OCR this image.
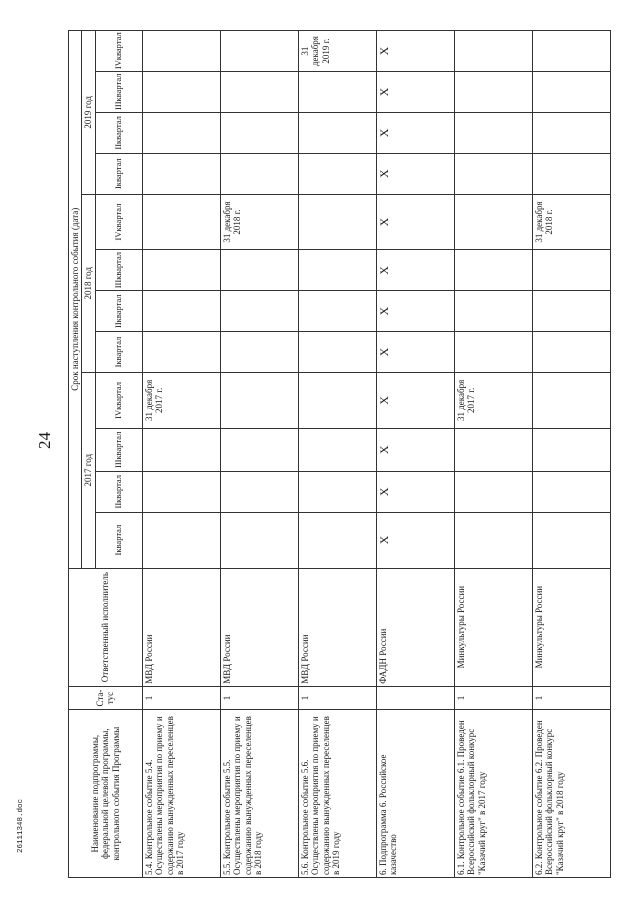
24
26111348.doc	Наименование подпрограммы, федеральной целевой программы, контрольного события Программы	Ста-тус	Ответственный исполнитель	Срок наступления контрольного события (дата)											
			2017 год				2018 год				2019 год			
			Iквартал	IIквартал	IIIквартал	IVквартал	Iквартал	IIквартал	IIIквартал	IVквартал	Iквартал	IIквартал	IIIквартал	IVквартал
5.4. Контрольное событие 5.4. Осуществлены мероприятия по приему и содержанию вынужденных переселенцев в 2017 году	1	МВД России				31 декабря 2017 г.								
5.5. Контрольное событие 5.5. Осуществлены мероприятия по приему и содержанию вынужденных переселенцев в 2018 году	1	МВД России								31 декабря 2018 г.				
5.6. Контрольное событие 5.6. Осуществлены мероприятия по приему и содержанию вынужденных переселенцев в 2019 году	1	МВД России												31 декабря 2019 г.
6. Подпрограмма 6. Российское казачество		ФАДН России	X	X	X	X	X	X	X	X	X	X	X	X
6.1. Контрольное событие 6.1. Проведен Всероссийский фольклорный конкурс "Казачий круг" в 2017 году	1	Минкультуры России				31 декабря 2017 г.								
6.2. Контрольное событие 6.2. Проведен Всероссийский фольклорный конкурс "Казачий круг" в 2018 году	1	Минкультуры России								31 декабря 2018 г.				
